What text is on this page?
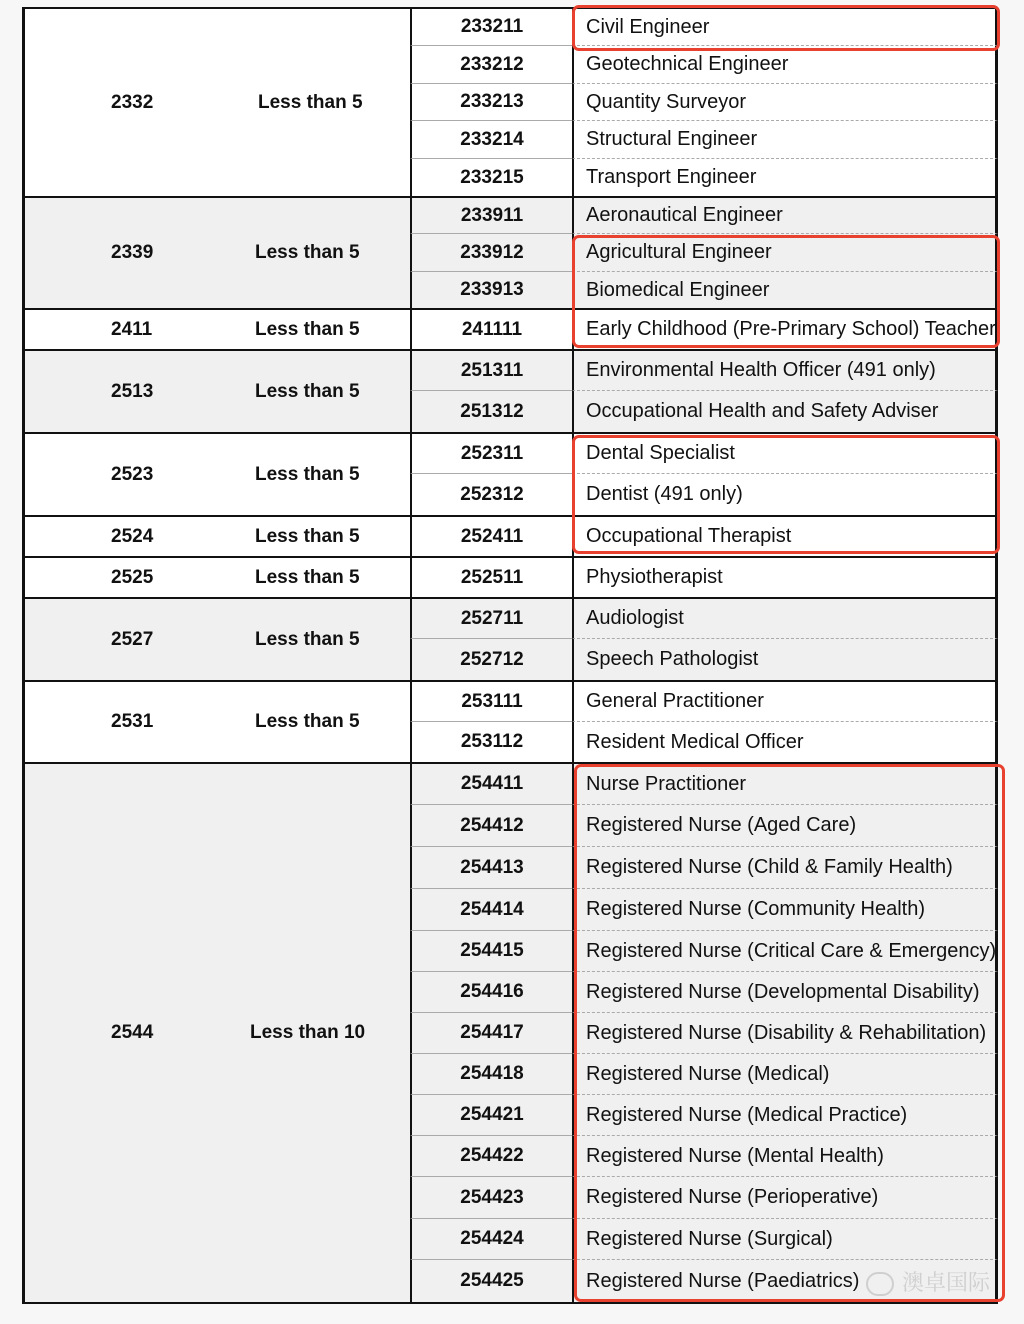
2332	Less than 5
233211	Civil Engineer
233212	Geotechnical Engineer
233213	Quantity Surveyor
233214	Structural Engineer
233215	Transport Engineer
2339	Less than 5
233911	Aeronautical Engineer
233912	Agricultural Engineer
233913	Biomedical Engineer
2411	Less than 5	241111	Early Childhood (Pre-Primary School) Teacher
2513	Less than 5
251311	Environmental Health Officer (491 only)
251312	Occupational Health and Safety Adviser
2523	Less than 5
252311	Dental Specialist
252312	Dentist (491 only)
2524	Less than 5	252411	Occupational Therapist
2525	Less than 5	252511	Physiotherapist
2527	Less than 5
252711	Audiologist
252712	Speech Pathologist
2531	Less than 5
253111	General Practitioner
253112	Resident Medical Officer
2544	Less than 10
254411	Nurse Practitioner
254412	Registered Nurse (Aged Care)
254413	Registered Nurse (Child & Family Health)
254414	Registered Nurse (Community Health)
254415	Registered Nurse (Critical Care & Emergency)
254416	Registered Nurse (Developmental Disability)
254417	Registered Nurse (Disability & Rehabilitation)
254418	Registered Nurse (Medical)
254421	Registered Nurse (Medical Practice)
254422	Registered Nurse (Mental Health)
254423	Registered Nurse (Perioperative)
254424	Registered Nurse (Surgical)
254425	Registered Nurse (Paediatrics)	澳卓国际
